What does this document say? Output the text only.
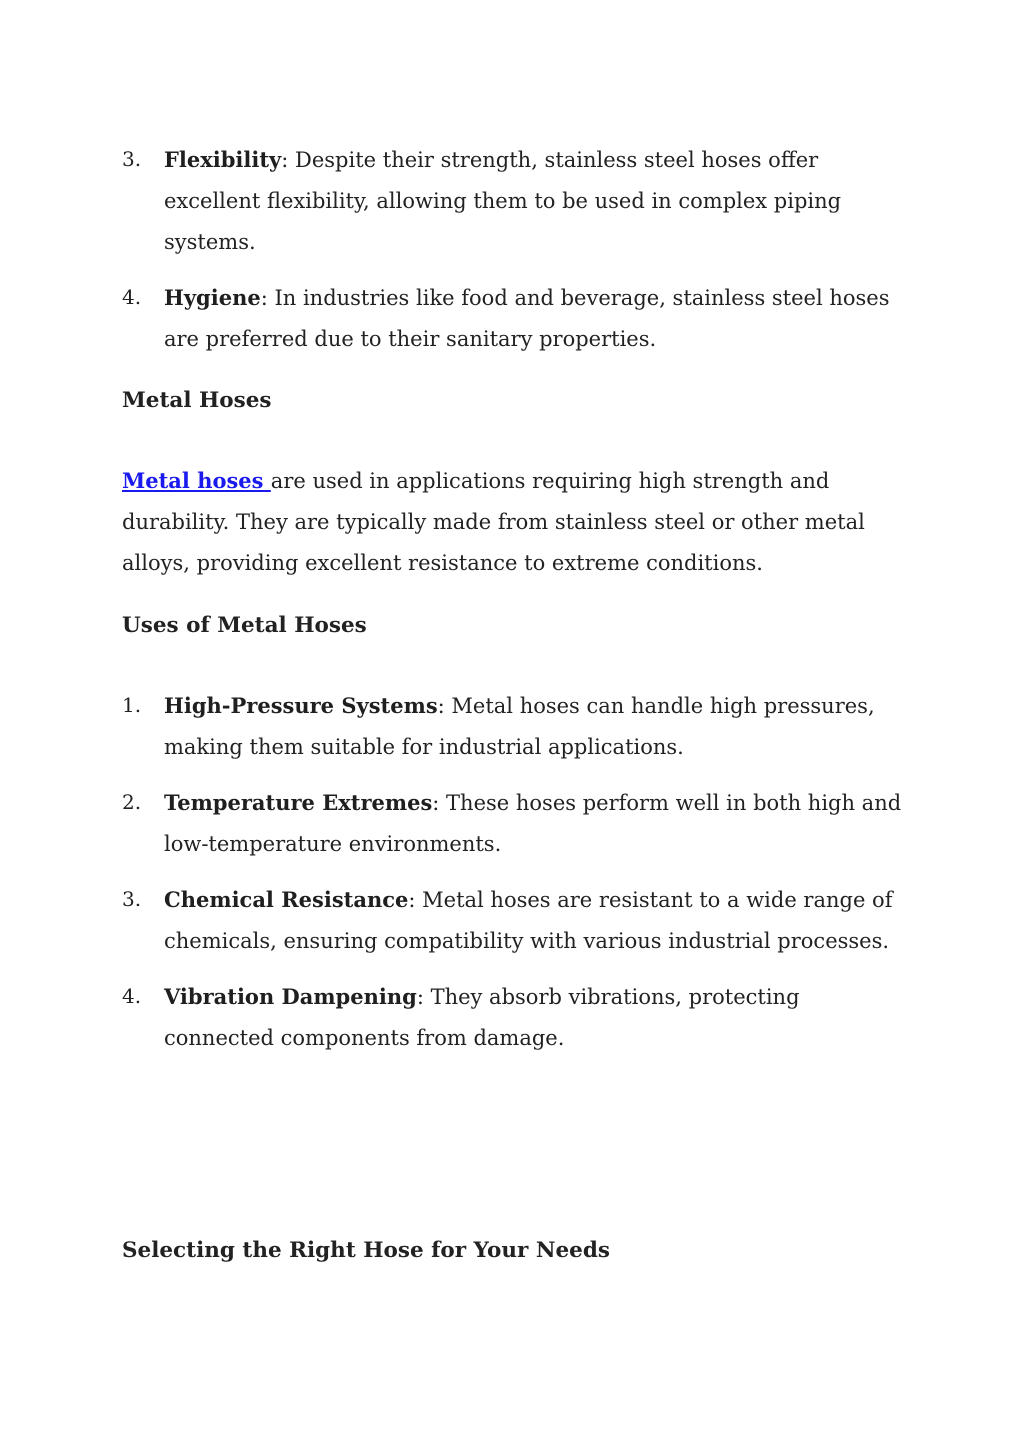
3. Flexibility: Despite their strength, stainless steel hoses offer excellent flexibility, allowing them to be used in complex piping systems.
4. Hygiene: In industries like food and beverage, stainless steel hoses are preferred due to their sanitary properties.
Metal Hoses

Metal hoses are used in applications requiring high strength and durability. They are typically made from stainless steel or other metal alloys, providing excellent resistance to extreme conditions.

Uses of Metal Hoses
1. High-Pressure Systems: Metal hoses can handle high pressures, making them suitable for industrial applications.
2. Temperature Extremes: These hoses perform well in both high and low-temperature environments.
3. Chemical Resistance: Metal hoses are resistant to a wide range of chemicals, ensuring compatibility with various industrial processes.
4. Vibration Dampening: They absorb vibrations, protecting connected components from damage.
Selecting the Right Hose for Your Needs
